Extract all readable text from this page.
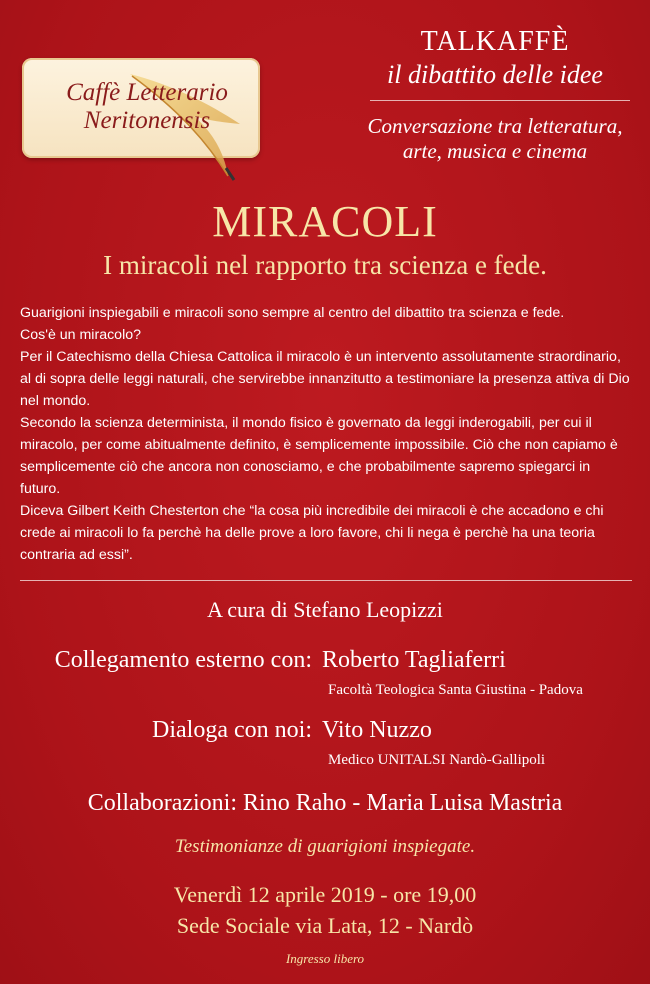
Caffè Letterario
Neritonensis
TALKAFFÈ
il dibattito delle idee
Conversazione tra letteratura,
arte, musica e cinema
MIRACOLI
I miracoli nel rapporto tra scienza e fede.

Guarigioni inspiegabili e miracoli sono sempre al centro del dibattito tra scienza e fede.

Cos'è un miracolo?

Per il Catechismo della Chiesa Cattolica il miracolo è un intervento assolutamente straordinario, al di sopra delle leggi naturali, che servirebbe innanzitutto a testimoniare la presenza attiva di Dio nel mondo.

Secondo la scienza determinista, il mondo fisico è governato da leggi inderogabili, per cui il miracolo, per come abitualmente definito, è semplicemente impossibile. Ciò che non capiamo è semplicemente ciò che ancora non conosciamo, e che probabilmente sapremo spiegarci in futuro.

Diceva Gilbert Keith Chesterton che “la cosa più incredibile dei miracoli è che accadono e chi crede ai miracoli lo fa perchè ha delle prove a loro favore, chi li nega è perchè ha una teoria contraria ad essi”.

A cura di Stefano Leopizzi
Collegamento esterno con: Roberto Tagliaferri
Facoltà Teologica Santa Giustina - Padova
Dialoga con noi: Vito Nuzzo
Medico UNITALSI Nardò-Gallipoli
Collaborazioni: Rino Raho - Maria Luisa Mastria
Testimonianze di guarigioni inspiegate.
Venerdì 12 aprile 2019 - ore 19,00
Sede Sociale via Lata, 12 - Nardò
Ingresso libero
